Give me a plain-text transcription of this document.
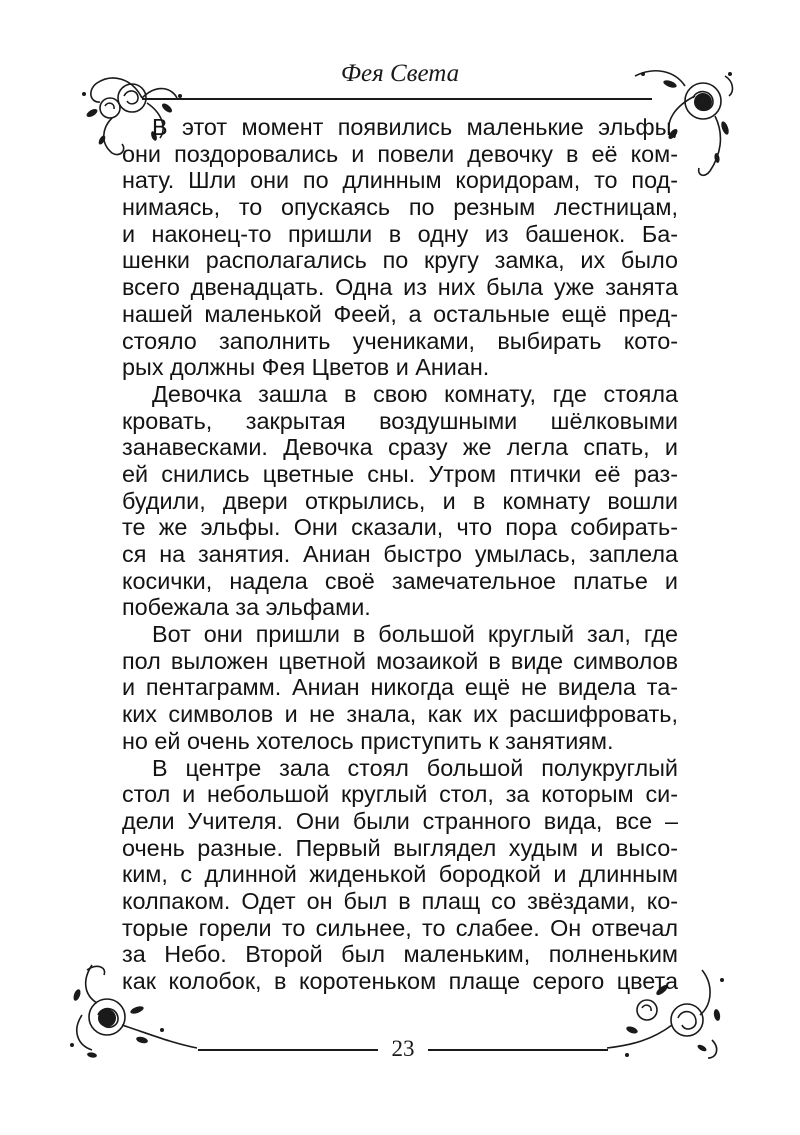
Фея Света
В этот момент появились маленькие эльфы,
они поздоровались и повели девочку в её ком-
нату. Шли они по длинным коридорам, то под-
нимаясь, то опускаясь по резным лестницам,
и наконец-то пришли в одну из башенок. Ба-
шенки располагались по кругу замка, их было
всего двенадцать. Одна из них была уже занята
нашей маленькой Феей, а остальные ещё пред-
стояло заполнить учениками, выбирать кото-
рых должны Фея Цветов и Аниан.
Девочка зашла в свою комнату, где стояла
кровать, закрытая воздушными шёлковыми
занавесками. Девочка сразу же легла спать, и
ей снились цветные сны. Утром птички её раз-
будили, двери открылись, и в комнату вошли
те же эльфы. Они сказали, что пора собирать-
ся на занятия. Аниан быстро умылась, заплела
косички, надела своё замечательное платье и
побежала за эльфами.
Вот они пришли в большой круглый зал, где
пол выложен цветной мозаикой в виде символов
и пентаграмм. Аниан никогда ещё не видела та-
ких символов и не знала, как их расшифровать,
но ей очень хотелось приступить к занятиям.
В центре зала стоял большой полукруглый
стол и небольшой круглый стол, за которым си-
дели Учителя. Они были странного вида, все –
очень разные. Первый выглядел худым и высо-
ким, с длинной жиденькой бородкой и длинным
колпаком. Одет он был в плащ со звёздами, ко-
торые горели то сильнее, то слабее. Он отвечал
за Небо. Второй был маленьким, полненьким
как колобок, в коротеньком плаще серого цвета
23
